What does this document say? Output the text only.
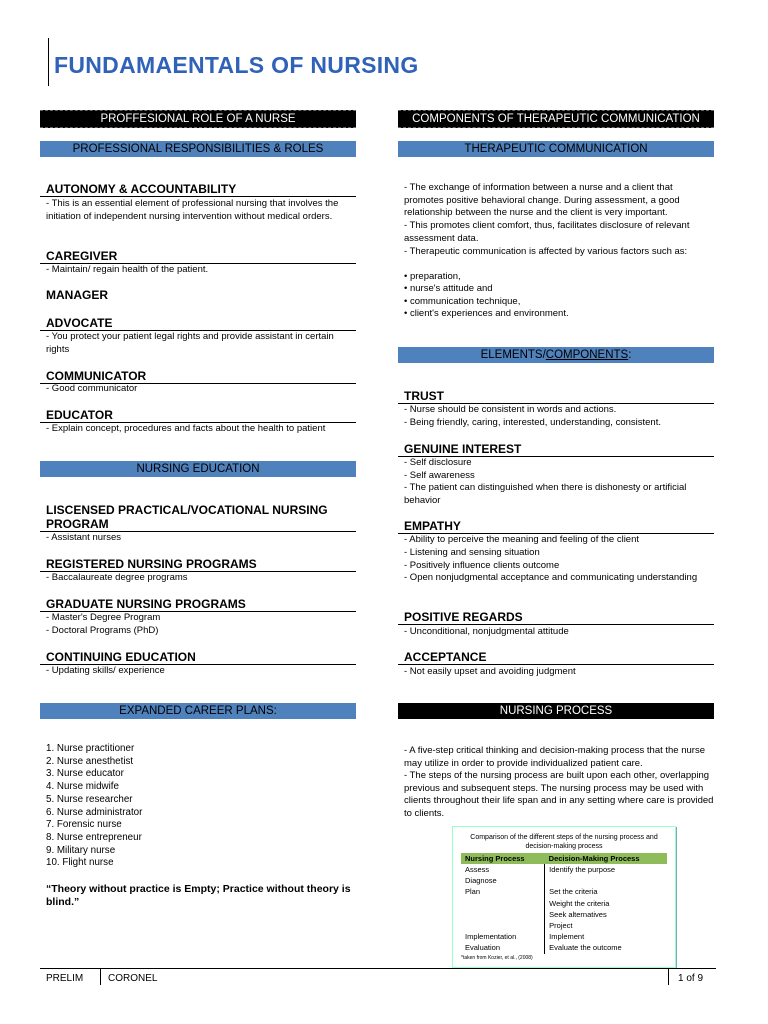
FUNDAMAENTALS OF NURSING
PROFFESIONAL ROLE OF A NURSE
PROFESSIONAL RESPONSIBILITIES & ROLES
AUTONOMY & ACCOUNTABILITY
- This is an essential element of professional nursing that involves the initiation of independent nursing intervention without medical orders.
CAREGIVER
- Maintain/ regain health of the patient.
MANAGER
ADVOCATE
- You protect your patient legal rights and provide assistant in certain rights
COMMUNICATOR
- Good communicator
EDUCATOR
- Explain concept, procedures and facts about the health to patient
NURSING EDUCATION
LISCENSED PRACTICAL/VOCATIONAL NURSING PROGRAM
- Assistant nurses
REGISTERED NURSING PROGRAMS
- Baccalaureate degree programs
GRADUATE NURSING PROGRAMS
- Master's Degree Program
- Doctoral Programs (PhD)
CONTINUING EDUCATION
- Updating skills/ experience
EXPANDED CAREER PLANS:
1. Nurse practitioner
2. Nurse anesthetist
3. Nurse educator
4. Nurse midwife
5. Nurse researcher
6. Nurse administrator
7. Forensic nurse
8. Nurse entrepreneur
9. Military nurse
10. Flight nurse
“Theory without practice is Empty; Practice without theory is blind.”
COMPONENTS OF THERAPEUTIC COMMUNICATION
THERAPEUTIC COMMUNICATION
- The exchange of information between a nurse and a client that promotes positive behavioral change. During assessment, a good relationship between the nurse and the client is very important.
- This promotes client comfort, thus, facilitates disclosure of relevant assessment data.
- Therapeutic communication is affected by various factors such as:
• preparation,
• nurse's attitude and
• communication technique,
• client's experiences and environment.
ELEMENTS/COMPONENTS:
TRUST
- Nurse should be consistent in words and actions.
- Being friendly, caring, interested, understanding, consistent.
GENUINE INTEREST
- Self disclosure
- Self awareness
- The patient can distinguished when there is dishonesty or artificial behavior
EMPATHY
- Ability to perceive the meaning and feeling of the client
- Listening and sensing situation
- Positively influence clients outcome
- Open nonjudgmental acceptance and communicating understanding
POSITIVE REGARDS
- Unconditional, nonjudgmental attitude
ACCEPTANCE
- Not easily upset and avoiding judgment
NURSING PROCESS
- A five-step critical thinking and decision-making process that the nurse may utilize in order to provide individualized patient care.
- The steps of the nursing process are built upon each other, overlapping previous and subsequent steps. The nursing process may be used with clients throughout their life span and in any setting where care is provided to clients.
Comparison of the different steps of the nursing process and decision-making process
Nursing Process	Decision-Making Process
Assess	Identify the purpose
Diagnose	
Plan	Set the criteria
	Weight the criteria
	Seek alternatives
	Project
Implementation	Implement
Evaluation	Evaluate the outcome
*taken from Kozier, et al., (2008)
PRELIM CORONEL	1 of 9
